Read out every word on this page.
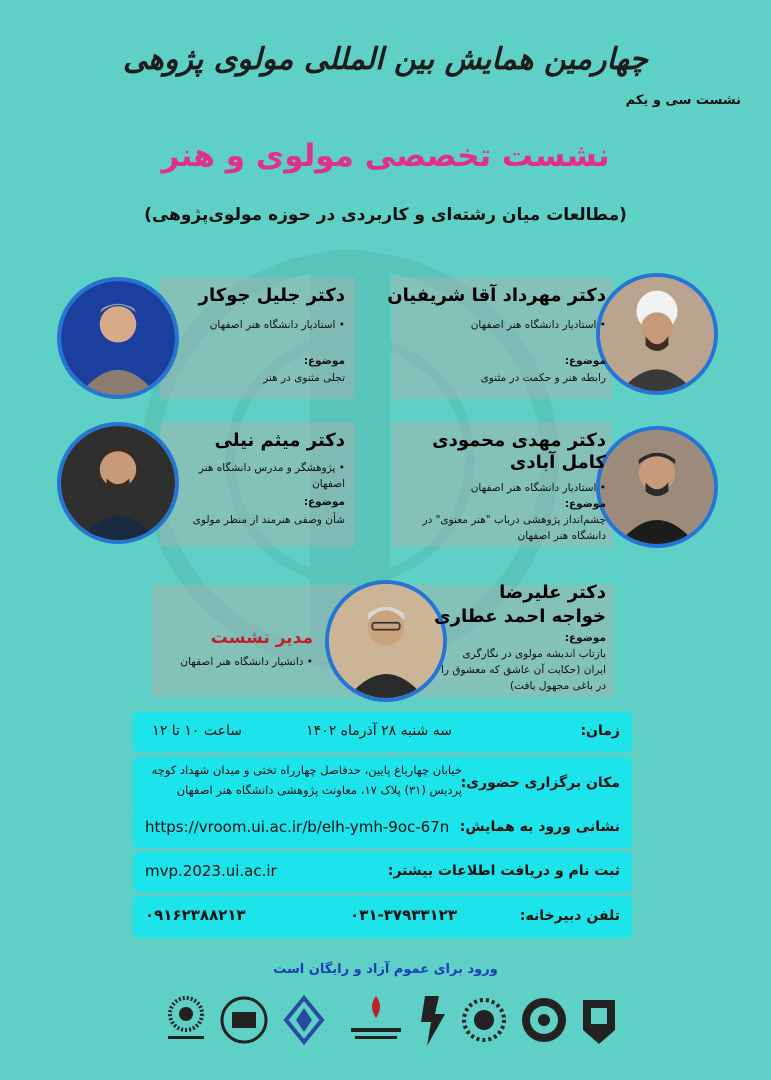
چهارمین همایش بین المللی مولوی پژوهی
نشست سی و یکم
نشست تخصصی مولوی و هنر
(مطالعات میان رشته‌ای و کاربردی در حوزه مولوی‌پژوهی)
دکتر مهرداد آقا شریفیان
• استادیار دانشگاه هنر اصفهان
موضوع:
رابطه هنر و حکمت در مثنوی
دکتر جلیل جوکار
• استادیار دانشگاه هنر اصفهان
موضوع:
تجلی مثنوی در هنر
دکتر مهدی محمودی
کامل آبادی
• استادیار دانشگاه هنر اصفهان
موضوع:
چشم‌انداز پژوهشی درباب "هنر معنوی" در
دانشگاه هنر اصفهان
دکتر میثم نیلی
• پژوهشگر و مدرس دانشگاه هنر
اصفهان
موضوع:
شأن وصفی هنرمند از منظر مولوی
دکتر علیرضا
خواجه احمد عطاری
موضوع:
بازتاب اندیشه مولوی در نگارگری
ایران (حکایت آن عاشق که معشوق را
در باغی مجهول یافت)
مدیر نشست
• دانشیار دانشگاه هنر اصفهان
زمان:
سه شنبه ۲۸ آذرماه ۱۴۰۲
ساعت ۱۰ تا ۱۲
مکان برگزاری حضوری:
خیابان چهارباغ پایین، حدفاصل چهارراه تختی و میدان شهداد کوچه
پردیس (۳۱) پلاک ۱۷، معاونت پژوهشی دانشگاه هنر اصفهان
نشانی ورود به همایش:
https://vroom.ui.ac.ir/b/elh-ymh-9oc-67n
ثبت نام و دریافت اطلاعات بیشتر:
mvp.2023.ui.ac.ir
تلفن دبیرخانه:
۰۳۱-۳۷۹۳۳۱۲۳
۰۹۱۶۲۳۸۸۲۱۳
ورود برای عموم آزاد و رایگان است
